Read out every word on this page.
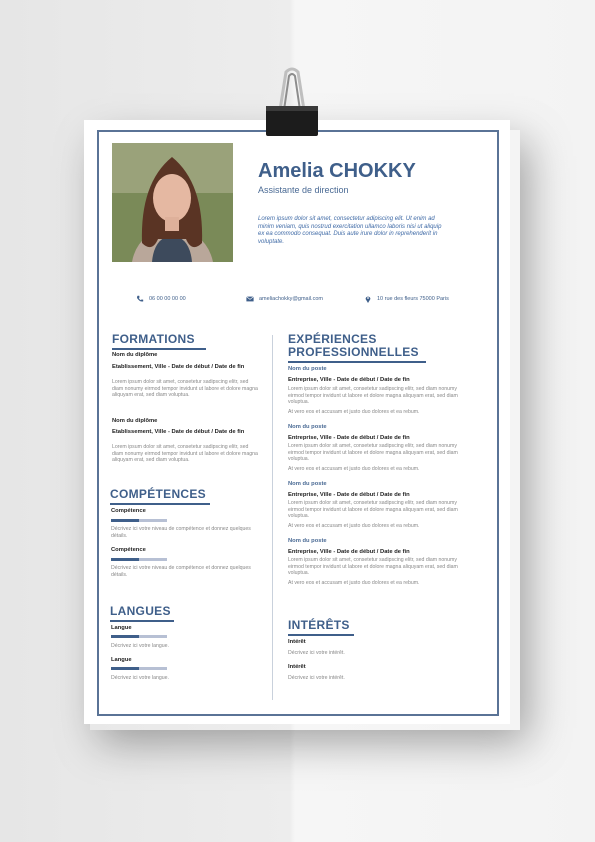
Amelia CHOKKY
Assistante de direction
Lorem ipsum dolor sit amet, consectetur adipiscing elit. Ut enim ad minim veniam, quis nostrud exercitation ullamco laboris nisi ut aliquip ex ea commodo consequat. Duis aute irure dolor in reprehenderit in voluptate.
06 00 00 00 00	ameliachokky@gmail.com	10 rue des fleurs 75000 Paris
FORMATIONS
Nom du diplôme
Etablissement, Ville - Date de début / Date de fin
Lorem ipsum dolor sit amet, consetetur sadipscing elitr, sed diam nonumy eirmod tempor invidunt ut labore et dolore magna aliquyam erat, sed diam voluptua.
Nom du diplôme
Etablissement, Ville - Date de début / Date de fin
Lorem ipsum dolor sit amet, consetetur sadipscing elitr, sed diam nonumy eirmod tempor invidunt ut labore et dolore magna aliquyam erat, sed diam voluptua.
COMPÉTENCES
Compétence
Décrivez ici votre niveau de compétence et donnez quelques détails.
Compétence
Décrivez ici votre niveau de compétence et donnez quelques détails.
LANGUES
Langue
Décrivez ici votre langue.
Langue
Décrivez ici votre langue.
EXPÉRIENCES
PROFESSIONNELLES
Nom du poste
Entreprise, Ville - Date de début / Date de fin
Lorem ipsum dolor sit amet, consetetur sadipscing elitr, sed diam nonumy eirmod tempor invidunt ut labore et dolore magna aliquyam erat, sed diam voluptua.
At vero eos et accusam et justo duo dolores et ea rebum.
Nom du poste
Entreprise, Ville - Date de début / Date de fin
Lorem ipsum dolor sit amet, consetetur sadipscing elitr, sed diam nonumy eirmod tempor invidunt ut labore et dolore magna aliquyam erat, sed diam voluptua.
At vero eos et accusam et justo duo dolores et ea rebum.
Nom du poste
Entreprise, Ville - Date de début / Date de fin
Lorem ipsum dolor sit amet, consetetur sadipscing elitr, sed diam nonumy eirmod tempor invidunt ut labore et dolore magna aliquyam erat, sed diam voluptua.
At vero eos et accusam et justo duo dolores et ea rebum.
Nom du poste
Entreprise, Ville - Date de début / Date de fin
Lorem ipsum dolor sit amet, consetetur sadipscing elitr, sed diam nonumy eirmod tempor invidunt ut labore et dolore magna aliquyam erat, sed diam voluptua.
At vero eos et accusam et justo duo dolores et ea rebum.
INTÉRÊTS
Intérêt
Décrivez ici votre intérêt.
Intérêt
Décrivez ici votre intérêt.
